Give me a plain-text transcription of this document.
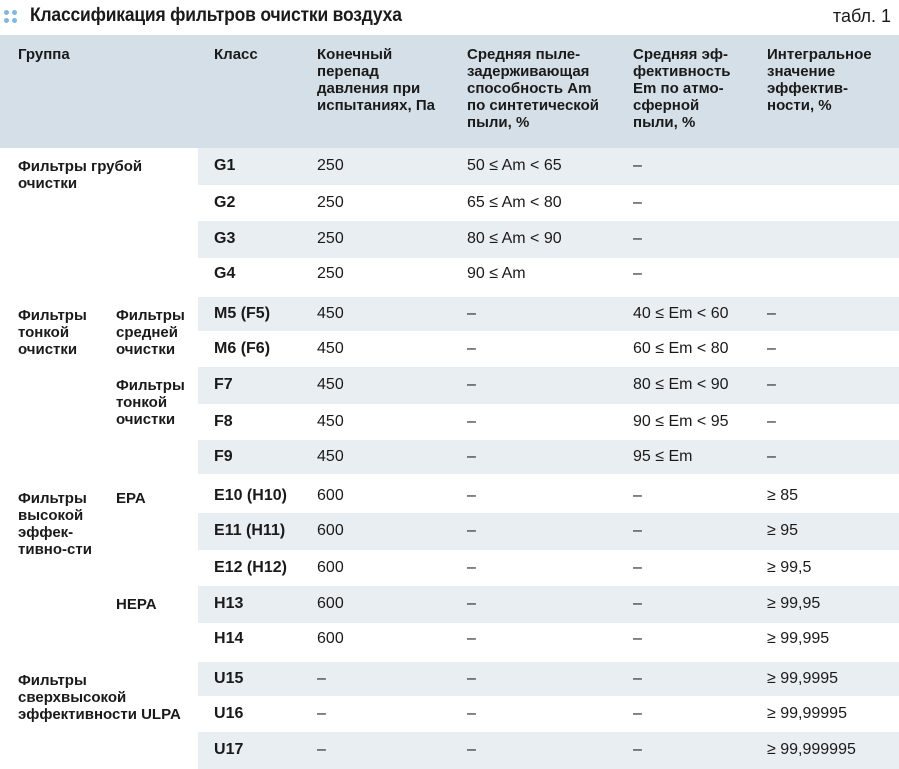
Классификация фильтров очистки воздуха	табл. 1
Группа		Класс	Конечный перепад давления при испытаниях, Па	Средняя пыле-задерживающая способность Am по синтетической пыли, %	Средняя эф-фективность Em по атмо-сферной пыли, %	Интегральное значение эффектив-ности, %
Фильтры грубой очистки		G1	250	50 ≤ Am < 65	–	
		G2	250	65 ≤ Am < 80	–	
		G3	250	80 ≤ Am < 90	–	
		G4	250	90 ≤ Am	–	
Фильтры тонкой очистки	Фильтры средней очистки	M5 (F5)	450	–	40 ≤ Em < 60	–
		M6 (F6)	450	–	60 ≤ Em < 80	–
	Фильтры тонкой очистки	F7	450	–	80 ≤ Em < 90	–
		F8	450	–	90 ≤ Em < 95	–
		F9	450	–	95 ≤ Em	–
Фильтры высокой эффек-тивно-сти	EPA	E10 (H10)	600	–	–	≥ 85
		E11 (H11)	600	–	–	≥ 95
		E12 (H12)	600	–	–	≥ 99,5
	HEPA	H13	600	–	–	≥ 99,95
		H14	600	–	–	≥ 99,995
Фильтры сверхвысокой эффективности ULPA		U15	–	–	–	≥ 99,9995
		U16	–	–	–	≥ 99,99995
		U17	–	–	–	≥ 99,999995
